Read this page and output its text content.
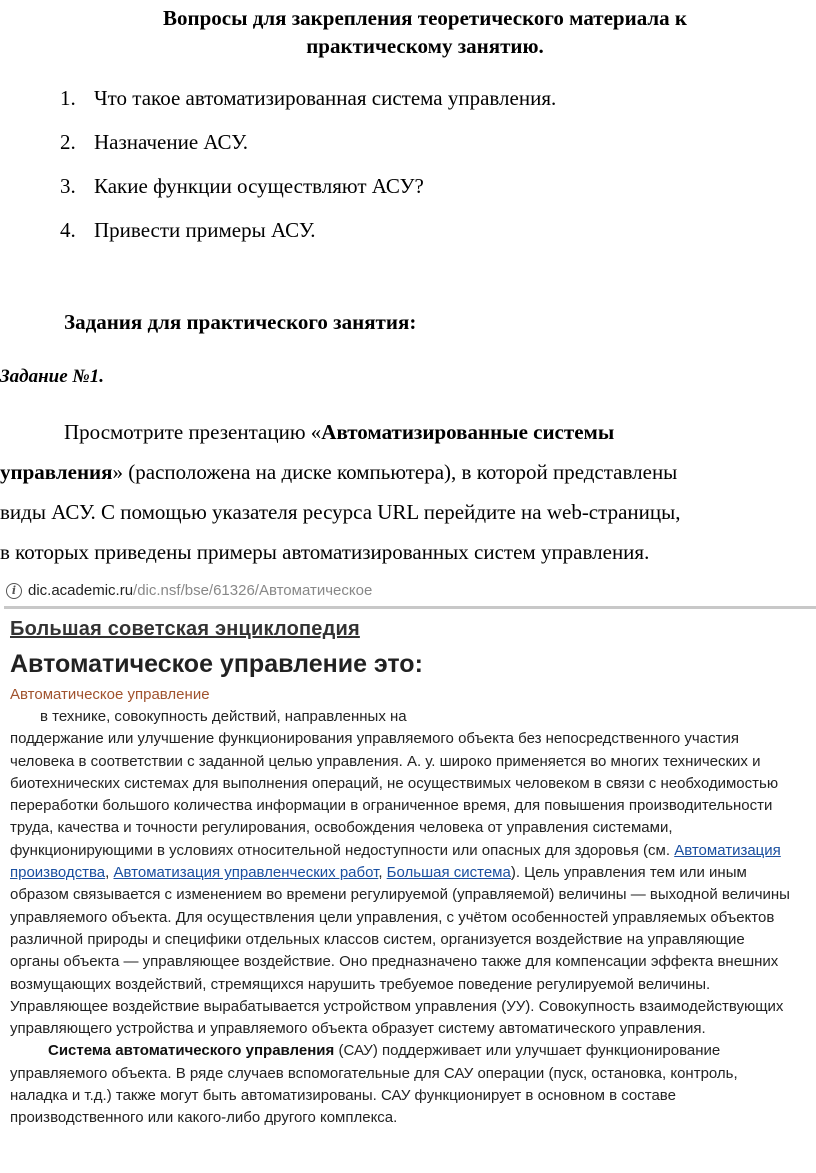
Вопросы для закрепления теоретического материала к
практическому занятию.
1. Что такое автоматизированная система управления.
2. Назначение АСУ.
3. Какие функции осуществляют АСУ?
4. Привести примеры АСУ.
Задания для практического занятия:
Задание №1.
Просмотрите презентацию «Автоматизированные системы
управления» (расположена на диске компьютера), в которой представлены
виды АСУ. С помощью указателя ресурса URL перейдите на web-страницы,
в которых приведены примеры автоматизированных систем управления.
i dic.academic.ru/dic.nsf/bse/61326/Автоматическое
Большая советская энциклопедия
Автоматическое управление это:
Автоматическое управление
в технике, совокупность действий, направленных на
поддержание или улучшение функционирования управляемого объекта без непосредственного участия
человека в соответствии с заданной целью управления. А. у. широко применяется во многих технических и
биотехнических системах для выполнения операций, не осуществимых человеком в связи с необходимостью
переработки большого количества информации в ограниченное время, для повышения производительности
труда, качества и точности регулирования, освобождения человека от управления системами,
функционирующими в условиях относительной недоступности или опасных для здоровья (см. Автоматизация
производства, Автоматизация управленческих работ, Большая система). Цель управления тем или иным
образом связывается с изменением во времени регулируемой (управляемой) величины — выходной величины
управляемого объекта. Для осуществления цели управления, с учётом особенностей управляемых объектов
различной природы и специфики отдельных классов систем, организуется воздействие на управляющие
органы объекта — управляющее воздействие. Оно предназначено также для компенсации эффекта внешних
возмущающих воздействий, стремящихся нарушить требуемое поведение регулируемой величины.
Управляющее воздействие вырабатывается устройством управления (УУ). Совокупность взаимодействующих
управляющего устройства и управляемого объекта образует систему автоматического управления.
Система автоматического управления (САУ) поддерживает или улучшает функционирование
управляемого объекта. В ряде случаев вспомогательные для САУ операции (пуск, остановка, контроль,
наладка и т.д.) также могут быть автоматизированы. САУ функционирует в основном в составе
производственного или какого-либо другого комплекса.
